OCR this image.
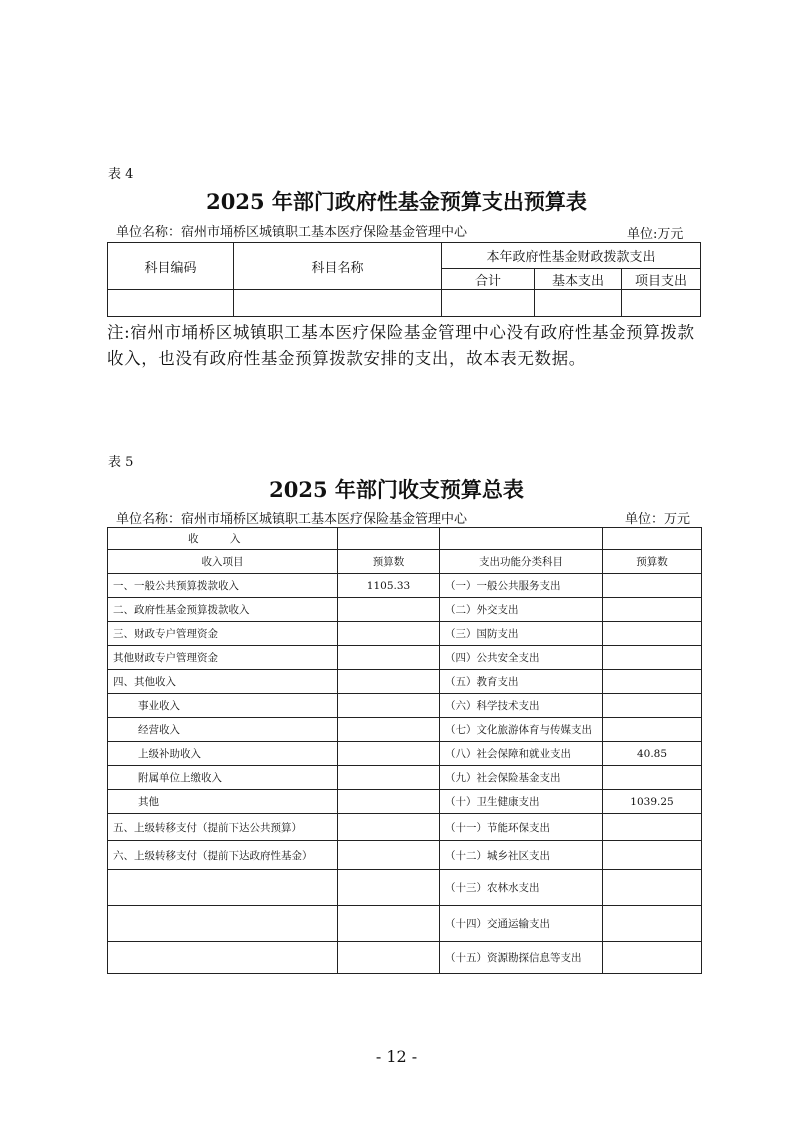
表 4
2025 年部门政府性基金预算支出预算表
单位名称：宿州市埇桥区城镇职工基本医疗保险基金管理中心	单位:万元
科目编码	科目名称	本年政府性基金财政拨款支出		
		合计	基本支出	项目支出

注:宿州市埇桥区城镇职工基本医疗保险基金管理中心没有政府性基金预算拨款收入，也没有政府性基金预算拨款安排的支出，故本表无数据。
表 5
2025 年部门收支预算总表
单位名称：宿州市埇桥区城镇职工基本医疗保险基金管理中心	单位：万元
收　　　入			
收入项目	预算数	支出功能分类科目	预算数
一、一般公共预算拨款收入	1105.33	（一）一般公共服务支出	
二、政府性基金预算拨款收入		（二）外交支出	
三、财政专户管理资金		（三）国防支出	
其他财政专户管理资金		（四）公共安全支出	
四、其他收入		（五）教育支出	
事业收入		（六）科学技术支出	
经营收入		（七）文化旅游体育与传媒支出	
上级补助收入		（八）社会保障和就业支出	40.85
附属单位上缴收入		（九）社会保险基金支出	
其他		（十）卫生健康支出	1039.25
五、上级转移支付（提前下达公共预算）		（十一）节能环保支出	
六、上级转移支付（提前下达政府性基金）		（十二）城乡社区支出	
		（十三）农林水支出	
		（十四）交通运输支出	
		（十五）资源勘探信息等支出	
- 12 -
